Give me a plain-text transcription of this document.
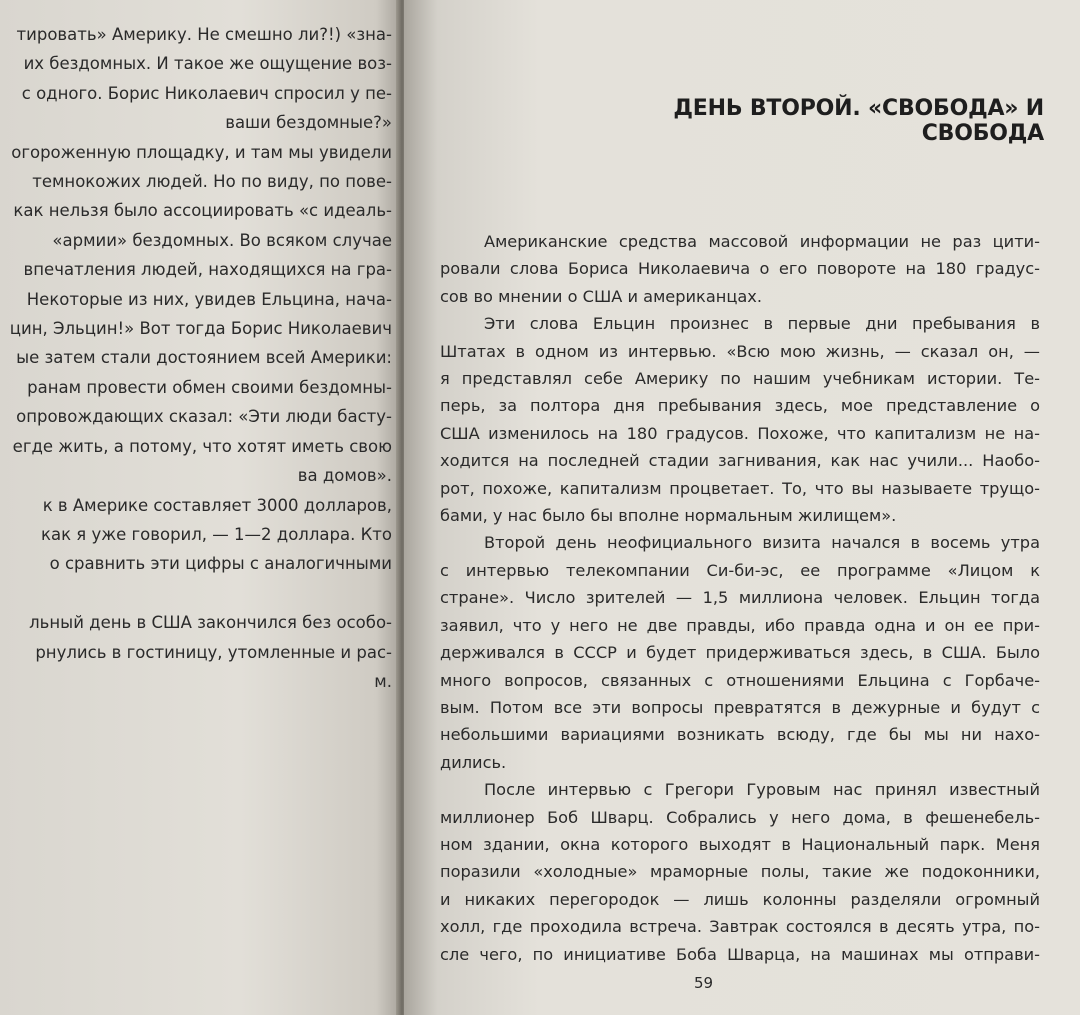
тировать» Америку. Не смешно ли?!) «зна-
их бездомных. И такое же ощущение воз-
с одного. Борис Николаевич спросил у пе-
ваши бездомные?»
огороженную площадку, и там мы увидели
темнокожих людей. Но по виду, по пове-
как нельзя было ассоциировать «с идеаль-
«армии» бездомных. Во всяком случае
впечатления людей, находящихся на гра-
Некоторые из них, увидев Ельцина, нача-
цин, Эльцин!» Вот тогда Борис Николаевич
ые затем стали достоянием всей Америки:
ранам провести обмен своими бездомны-
опровождающих сказал: «Эти люди басту-
егде жить, а потому, что хотят иметь свою
ва домов».
к в Америке составляет 3000 долларов,
как я уже говорил, — 1—2 доллара. Кто
о сравнить эти цифры с аналогичными

льный день в США закончился без особо-
рнулись в гостиницу, утомленные и рас-
м.
ДЕНЬ ВТОРОЙ. «СВОБОДА» И СВОБОДА
Американские средства массовой информации не раз цити-
ровали слова Бориса Николаевича о его повороте на 180 градус-
сов во мнении о США и американцах.
Эти слова Ельцин произнес в первые дни пребывания в
Штатах в одном из интервью. «Всю мою жизнь, — сказал он, —
я представлял себе Америку по нашим учебникам истории. Те-
перь, за полтора дня пребывания здесь, мое представление о
США изменилось на 180 градусов. Похоже, что капитализм не на-
ходится на последней стадии загнивания, как нас учили... Наобо-
рот, похоже, капитализм процветает. То, что вы называете трущо-
бами, у нас было бы вполне нормальным жилищем».
Второй день неофициального визита начался в восемь утра
с интервью телекомпании Си-би-эс, ее программе «Лицом к
стране». Число зрителей — 1,5 миллиона человек. Ельцин тогда
заявил, что у него не две правды, ибо правда одна и он ее при-
держивался в СССР и будет придерживаться здесь, в США. Было
много вопросов, связанных с отношениями Ельцина с Горбаче-
вым. Потом все эти вопросы превратятся в дежурные и будут с
небольшими вариациями возникать всюду, где бы мы ни нахо-
дились.
После интервью с Грегори Гуровым нас принял известный
миллионер Боб Шварц. Собрались у него дома, в фешенебель-
ном здании, окна которого выходят в Национальный парк. Меня
поразили «холодные» мраморные полы, такие же подоконники,
и никаких перегородок — лишь колонны разделяли огромный
холл, где проходила встреча. Завтрак состоялся в десять утра, по-
сле чего, по инициативе Боба Шварца, на машинах мы отправи-
59
